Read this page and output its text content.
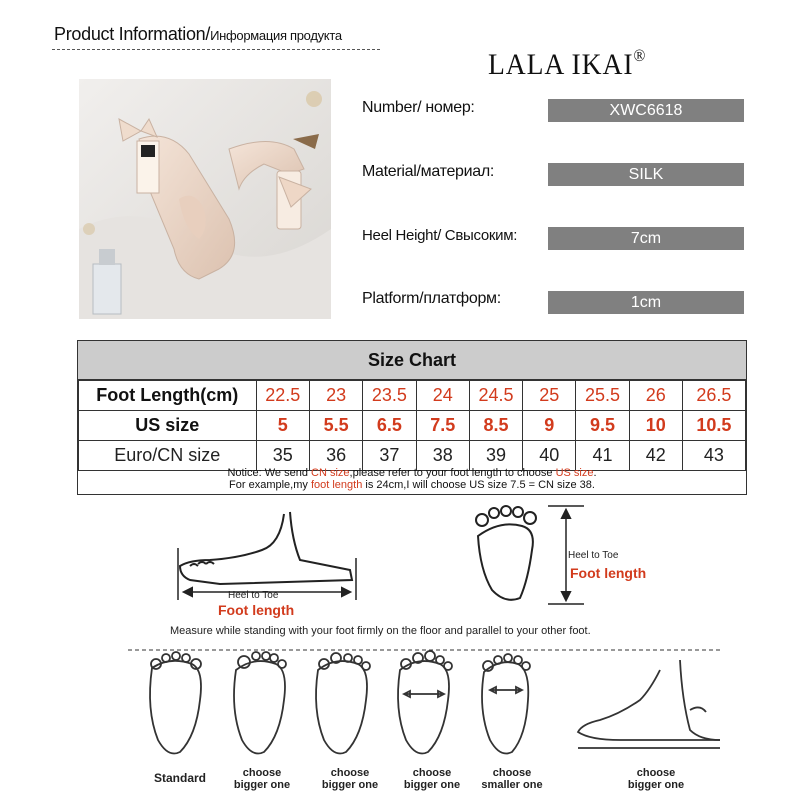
Product Information/Информация продукта
LALA IKAI®
Number/ номер:	XWC6618
Material/материал:	SILK
Heel Height/ Свысоким:	7cm
Platform/платформ:	1cm
Size Chart
Foot Length(cm)	22.5	23	23.5	24	24.5	25	25.5	26	26.5
US size	5	5.5	6.5	7.5	8.5	9	9.5	10	10.5
Euro/CN size	35	36	37	38	39	40	41	42	43
Notice: We send CN size,please refer to your foot length to choose US size.
For example,my foot length is 24cm,I will choose US size 7.5 = CN size 38.
Heel to Toe
Foot length
Heel to Toe
Foot length
Measure while standing with your foot firmly on the floor and parallel to your other foot.
Standard	choose
bigger one
choose
bigger one
choose
bigger one
choose
smaller one
choose
bigger one
